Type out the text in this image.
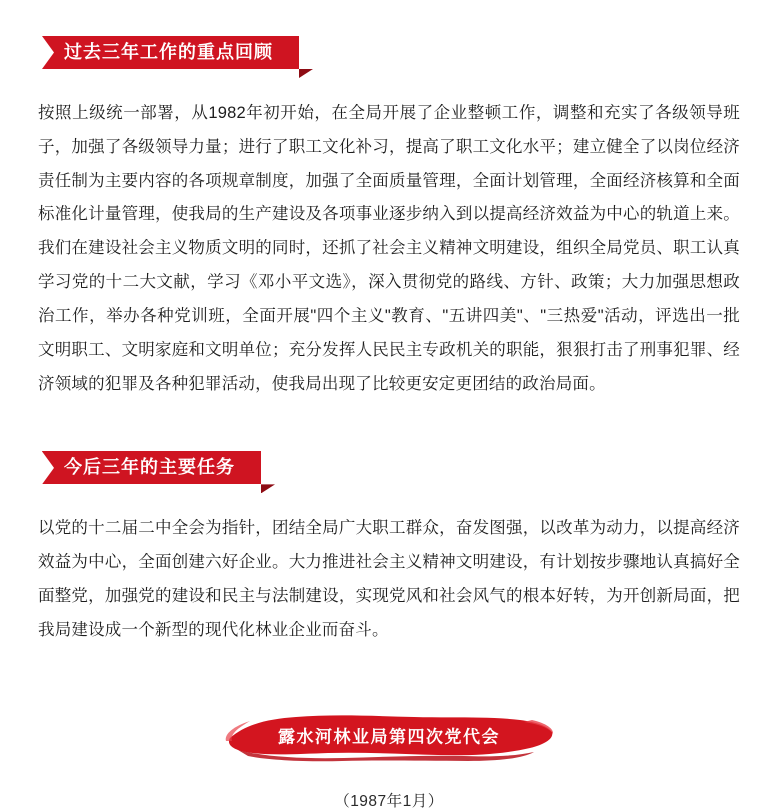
过去三年工作的重点回顾

按照上级统一部署，从1982年初开始，在全局开展了企业整顿工作，调整和充实了各级领导班子，加强了各级领导力量；进行了职工文化补习，提高了职工文化水平；建立健全了以岗位经济责任制为主要内容的各项规章制度，加强了全面质量管理，全面计划管理，全面经济核算和全面标准化计量管理，使我局的生产建设及各项事业逐步纳入到以提高经济效益为中心的轨道上来。我们在建设社会主义物质文明的同时，还抓了社会主义精神文明建设，组织全局党员、职工认真学习党的十二大文献，学习《邓小平文选》，深入贯彻党的路线、方针、政策；大力加强思想政治工作，举办各种党训班，全面开展"四个主义"教育、"五讲四美"、"三热爱"活动，评选出一批文明职工、文明家庭和文明单位；充分发挥人民民主专政机关的职能，狠狠打击了刑事犯罪、经济领域的犯罪及各种犯罪活动，使我局出现了比较更安定更团结的政治局面。

今后三年的主要任务

以党的十二届二中全会为指针，团结全局广大职工群众，奋发图强，以改革为动力，以提高经济效益为中心，全面创建六好企业。大力推进社会主义精神文明建设，有计划按步骤地认真搞好全面整党，加强党的建设和民主与法制建设，实现党风和社会风气的根本好转，为开创新局面，把我局建设成一个新型的现代化林业企业而奋斗。

露水河林业局第四次党代会
（1987年1月）
